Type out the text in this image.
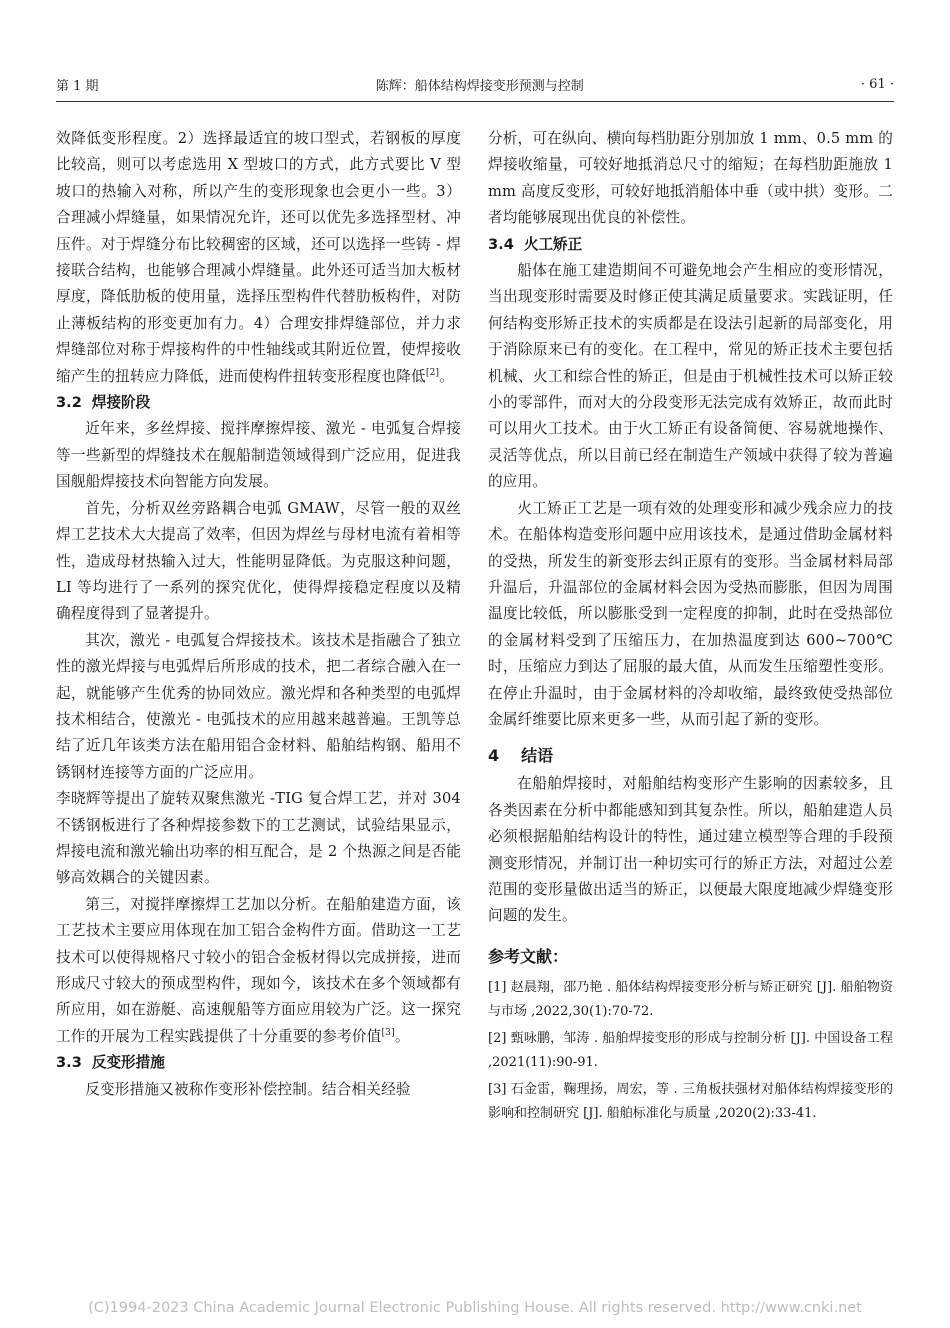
第 1 期	陈辉：船体结构焊接变形预测与控制	· 61 ·

效降低变形程度。2）选择最适宜的坡口型式，若钢板的厚度比较高，则可以考虑选用 X 型坡口的方式，此方式要比 V 型坡口的热输入对称，所以产生的变形现象也会更小一些。3）合理减小焊缝量，如果情况允许，还可以优先多选择型材、冲压件。对于焊缝分布比较稠密的区域，还可以选择一些铸 - 焊接联合结构，也能够合理减小焊缝量。此外还可适当加大板材厚度，降低肋板的使用量，选择压型构件代替肋板构件，对防止薄板结构的形变更加有力。4）合理安排焊缝部位，并力求焊缝部位对称于焊接构件的中性轴线或其附近位置，使焊接收缩产生的扭转应力降低，进而使构件扭转变形程度也降低[2]。

3.2 焊接阶段

近年来，多丝焊接、搅拌摩擦焊接、激光 - 电弧复合焊接等一些新型的焊缝技术在舰船制造领域得到广泛应用，促进我国舰船焊接技术向智能方向发展。

首先，分析双丝旁路耦合电弧 GMAW，尽管一般的双丝焊工艺技术大大提高了效率，但因为焊丝与母材电流有着相等性，造成母材热输入过大，性能明显降低。为克服这种问题，LI 等均进行了一系列的探究优化，使得焊接稳定程度以及精确程度得到了显著提升。

其次，激光 - 电弧复合焊接技术。该技术是指融合了独立性的激光焊接与电弧焊后所形成的技术，把二者综合融入在一起，就能够产生优秀的协同效应。激光焊和各种类型的电弧焊技术相结合，使激光 - 电弧技术的应用越来越普遍。王凯等总结了近几年该类方法在船用铝合金材料、船舶结构钢、船用不锈钢材连接等方面的广泛应用。

李晓辉等提出了旋转双聚焦激光 -TIG 复合焊工艺，并对 304 不锈钢板进行了各种焊接参数下的工艺测试，试验结果显示，焊接电流和激光输出功率的相互配合，是 2 个热源之间是否能够高效耦合的关键因素。

第三，对搅拌摩擦焊工艺加以分析。在船舶建造方面，该工艺技术主要应用体现在加工铝合金构件方面。借助这一工艺技术可以使得规格尺寸较小的铝合金板材得以完成拼接，进而形成尺寸较大的预成型构件，现如今，该技术在多个领域都有所应用，如在游艇、高速舰船等方面应用较为广泛。这一探究工作的开展为工程实践提供了十分重要的参考价值[3]。

3.3 反变形措施

反变形措施又被称作变形补偿控制。结合相关经验

分析，可在纵向、横向每档肋距分别加放 1 mm、0.5 mm 的焊接收缩量，可较好地抵消总尺寸的缩短；在每档肋距施放 1 mm 高度反变形，可较好地抵消船体中垂（或中拱）变形。二者均能够展现出优良的补偿性。

3.4 火工矫正

船体在施工建造期间不可避免地会产生相应的变形情况，当出现变形时需要及时修正使其满足质量要求。实践证明，任何结构变形矫正技术的实质都是在设法引起新的局部变化，用于消除原来已有的变化。在工程中，常见的矫正技术主要包括机械、火工和综合性的矫正，但是由于机械性技术可以矫正较小的零部件，而对大的分段变形无法完成有效矫正，故而此时可以用火工技术。由于火工矫正有设备简便、容易就地操作、灵活等优点，所以目前已经在制造生产领域中获得了较为普遍的应用。

火工矫正工艺是一项有效的处理变形和减少残余应力的技术。在船体构造变形问题中应用该技术，是通过借助金属材料的受热，所发生的新变形去纠正原有的变形。当金属材料局部升温后，升温部位的金属材料会因为受热而膨胀，但因为周围温度比较低，所以膨胀受到一定程度的抑制，此时在受热部位的金属材料受到了压缩压力，在加热温度到达 600~700℃时，压缩应力到达了屈服的最大值，从而发生压缩塑性变形。在停止升温时，由于金属材料的冷却收缩，最终致使受热部位金属纤维要比原来更多一些，从而引起了新的变形。

4 结语

在船舶焊接时，对船舶结构变形产生影响的因素较多，且各类因素在分析中都能感知到其复杂性。所以，船舶建造人员必须根据船舶结构设计的特性，通过建立模型等合理的手段预测变形情况，并制订出一种切实可行的矫正方法，对超过公差范围的变形量做出适当的矫正，以便最大限度地减少焊缝变形问题的发生。

参考文献：

[1] 赵晨翔，邵乃艳 . 船体结构焊接变形分析与矫正研究 [J]. 船舶物资与市场 ,2022,30(1):70-72.

[2] 甄咏鹏，邹涛 . 船舶焊接变形的形成与控制分析 [J]. 中国设备工程 ,2021(11):90-91.

[3] 石金雷，鞠理扬，周宏，等 . 三角板扶强材对船体结构焊接变形的影响和控制研究 [J]. 船舶标准化与质量 ,2020(2):33-41.

(C)1994-2023 China Academic Journal Electronic Publishing House. All rights reserved. http://www.cnki.net
